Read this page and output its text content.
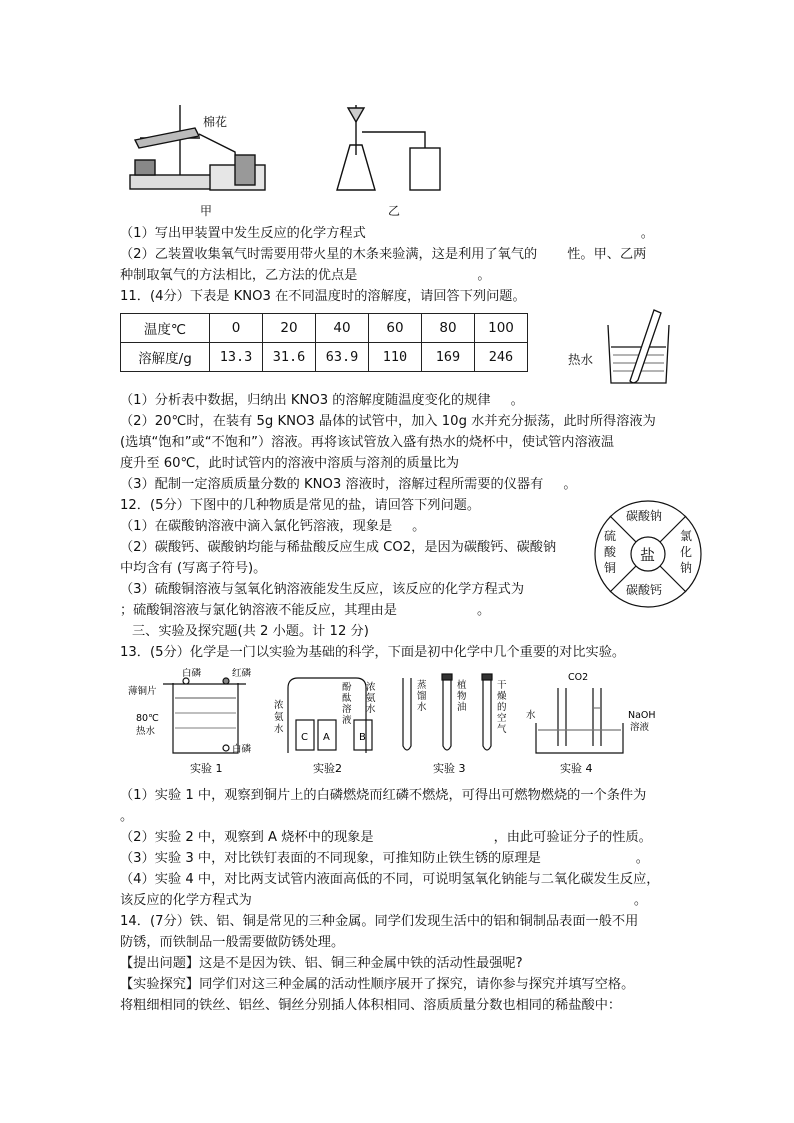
棉花
甲	乙
（1）写出甲装置中发生反应的化学方程式	。
（2）乙装置收集氧气时需要用带火星的木条来验满，这是利用了氧气的 性。甲、乙两
种制取氧气的方法相比，乙方法的优点是	。
11．(4分）下表是 KNO3 在不同温度时的溶解度，请回答下列问题。
温度℃	0	20	40	60	80	100
溶解度/g	13.3	31.6	63.9	110	169	246	热水
（1）分析表中数据，归纳出 KNO3 的溶解度随温度变化的规律 。
（2）20℃时，在装有 5g KNO3 晶体的试管中，加入 10g 水并充分振荡，此时所得溶液为
(选填“饱和”或“不饱和”）溶液。再将该试管放入盛有热水的烧杯中，使试管内溶液温
度升至 60℃，此时试管内的溶液中溶质与溶剂的质量比为
（3）配制一定溶质质量分数的 KNO3 溶液时，溶解过程所需要的仪器有 。
12．(5分）下图中的几种物质是常见的盐，请回答下列问题。
（1）在碳酸钠溶液中滴入氯化钙溶液，现象是 。
（2）碳酸钙、碳酸钠均能与稀盐酸反应生成 CO2，是因为碳酸钙、碳酸钠
中均含有 (写离子符号)。
（3）硫酸铜溶液与氢氧化钠溶液能发生反应，该反应的化学方程式为
；硫酸铜溶液与氯化钠溶液不能反应，其理由是	。
盐
碳酸钠
碳酸钙
硫酸铜
氯化钠
三、实验及探究题(共 2 小题。计 12 分)
13．(5分）化学是一门以实验为基础的科学，下面是初中化学中几个重要的对比实验。
白磷	红磷
薄铜片
80℃
热水
白磷
实验 1
浓氨水
酚酞溶液
浓氨水
C A	B
实验2
蒸馏水
植物油
干燥的空气
实验 3
CO2
水	NaOH
溶液
实验 4
（1）实验 1 中，观察到铜片上的白磷燃烧而红磷不燃烧，可得出可燃物燃烧的一个条件为
。
（2）实验 2 中，观察到 A 烧杯中的现象是	，由此可验证分子的性质。
（3）实验 3 中，对比铁钉表面的不同现象，可推知防止铁生锈的原理是	。
（4）实验 4 中，对比两支试管内液面高低的不同，可说明氢氧化钠能与二氧化碳发生反应，
该反应的化学方程式为	。
14．(7分）铁、铝、铜是常见的三种金属。同学们发现生活中的铝和铜制品表面一般不用
防锈，而铁制品一般需要做防锈处理。
【提出问题】这是不是因为铁、铝、铜三种金属中铁的活动性最强呢?
【实验探究】同学们对这三种金属的活动性顺序展开了探究，请你参与探究并填写空格。
将粗细相同的铁丝、铝丝、铜丝分别插人体积相同、溶质质量分数也相同的稀盐酸中：
